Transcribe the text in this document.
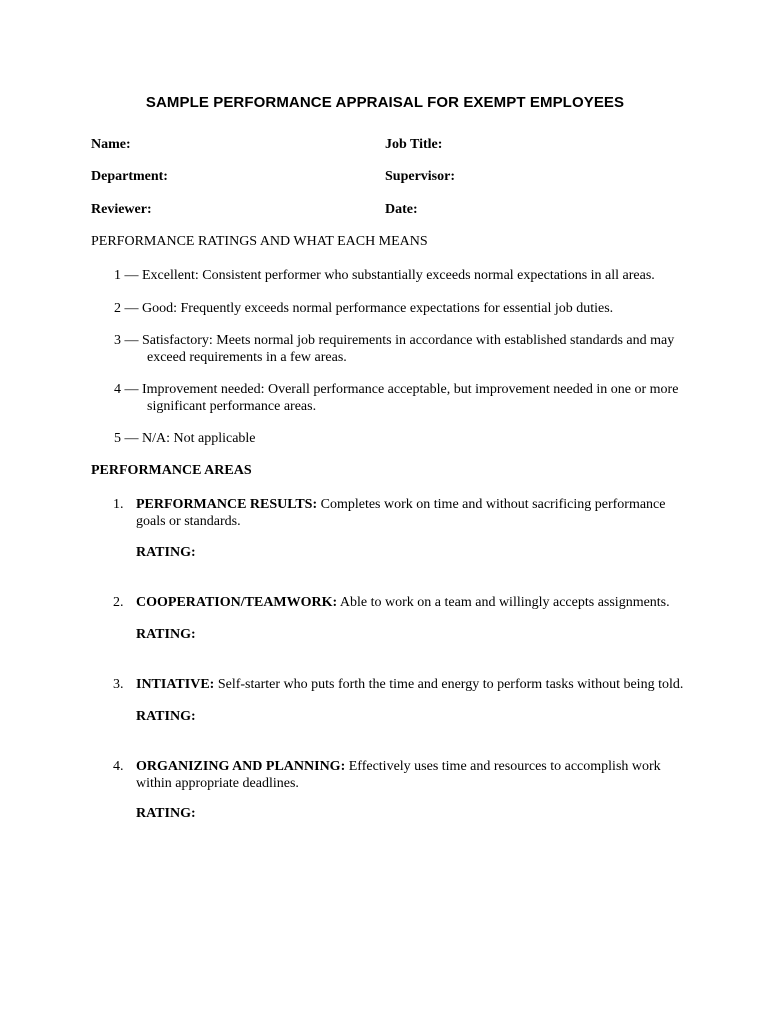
SAMPLE PERFORMANCE APPRAISAL FOR EXEMPT EMPLOYEES
Name:	Job Title:
Department:	Supervisor:
Reviewer:	Date:
PERFORMANCE RATINGS AND WHAT EACH MEANS
1 — Excellent: Consistent performer who substantially exceeds normal expectations in all areas.
2 — Good: Frequently exceeds normal performance expectations for essential job duties.
3 — Satisfactory: Meets normal job requirements in accordance with established standards and may
exceed requirements in a few areas.
4 — Improvement needed: Overall performance acceptable, but improvement needed in one or more
significant performance areas.
5 — N/A: Not applicable
PERFORMANCE AREAS
1. PERFORMANCE RESULTS: Completes work on time and without sacrificing performance goals or standards.
RATING:
2. COOPERATION/TEAMWORK: Able to work on a team and willingly accepts assignments.
RATING:
3. INTIATIVE: Self-starter who puts forth the time and energy to perform tasks without being told.
RATING:
4. ORGANIZING AND PLANNING: Effectively uses time and resources to accomplish work within appropriate deadlines.
RATING:
